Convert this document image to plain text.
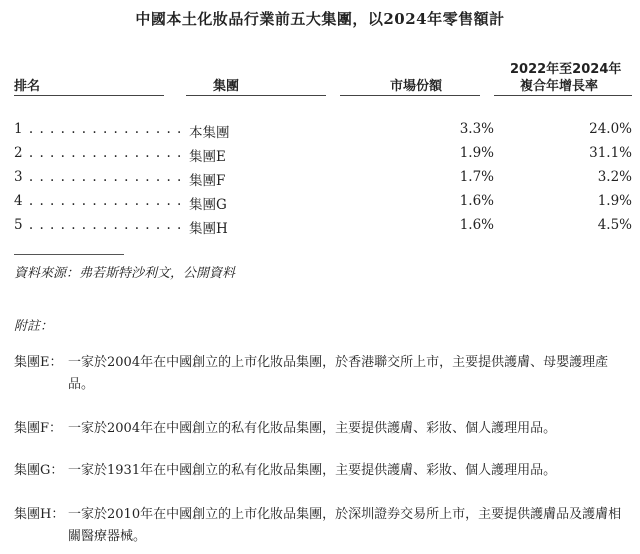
中國本土化妝品行業前五大集團，以2024年零售額計
排名	集團	市場份額
2022年至2024年
複合年增長率
1 . . . . . . . . . . . . . . . 本集團	3.3%	24.0%
2 . . . . . . . . . . . . . . . 集團E	1.9%	31.1%
3 . . . . . . . . . . . . . . . 集團F	1.7%	3.2%
4 . . . . . . . . . . . . . . . 集團G	1.6%	1.9%
5 . . . . . . . . . . . . . . . 集團H	1.6%	4.5%
資料來源：弗若斯特沙利文，公開資料
附註：
集團E： 一家於2004年在中國創立的上市化妝品集團，於香港聯交所上市，主要提供護膚、母嬰護理產品。
集團F： 一家於2004年在中國創立的私有化妝品集團，主要提供護膚、彩妝、個人護理用品。
集團G： 一家於1931年在中國創立的私有化妝品集團，主要提供護膚、彩妝、個人護理用品。
集團H： 一家於2010年在中國創立的上市化妝品集團，於深圳證券交易所上市，主要提供護膚品及護膚相關醫療器械。
